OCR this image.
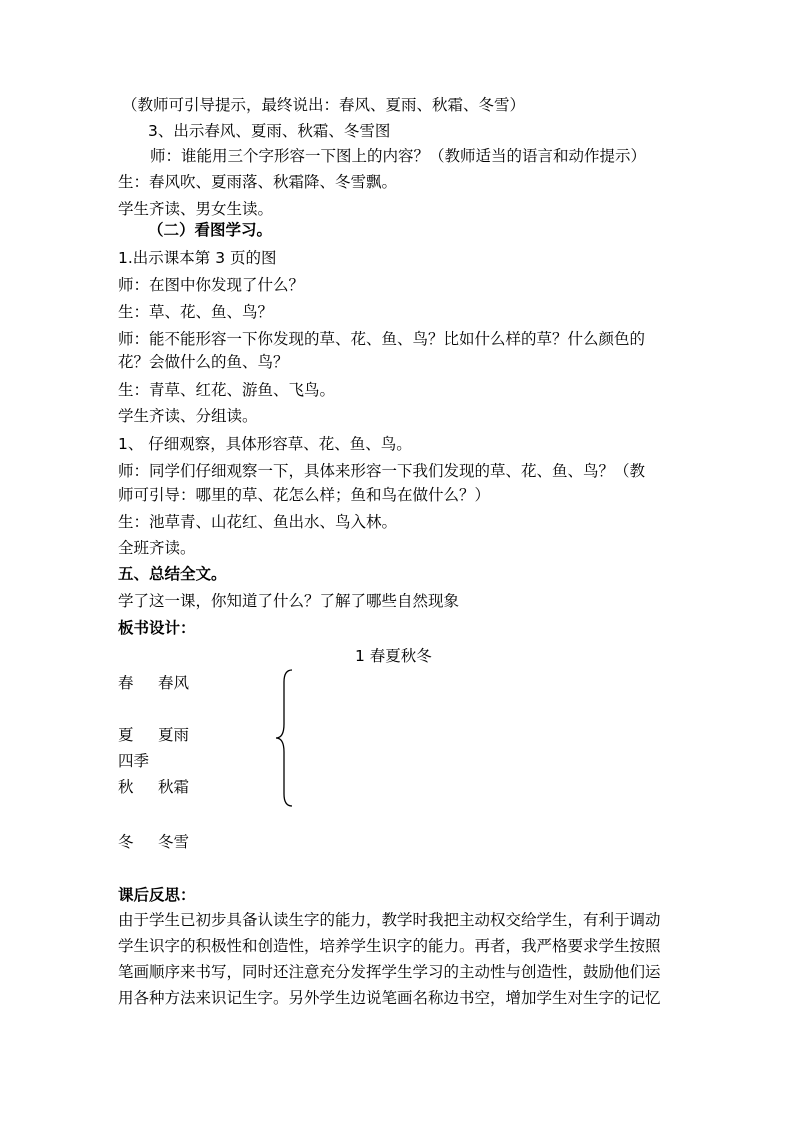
（教师可引导提示，最终说出：春风、夏雨、秋霜、冬雪）

3、出示春风、夏雨、秋霜、冬雪图

师：谁能用三个字形容一下图上的内容？（教师适当的语言和动作提示）

生：春风吹、夏雨落、秋霜降、冬雪飘。

学生齐读、男女生读。

（二）看图学习。

1.出示课本第 3 页的图

师：在图中你发现了什么？

生：草、花、鱼、鸟？

师：能不能形容一下你发现的草、花、鱼、鸟？比如什么样的草？什么颜色的

花？会做什么的鱼、鸟？

生：青草、红花、游鱼、飞鸟。

学生齐读、分组读。

1、 仔细观察，具体形容草、花、鱼、鸟。

师：同学们仔细观察一下，具体来形容一下我们发现的草、花、鱼、鸟？（教

师可引导：哪里的草、花怎么样；鱼和鸟在做什么？）

生：池草青、山花红、鱼出水、鸟入林。

全班齐读。

五、总结全文。

学了这一课，你知道了什么？了解了哪些自然现象

板书设计：

1 春夏秋冬

春 春风

夏 夏雨

四季

秋 秋霜

冬 冬雪

课后反思：

由于学生已初步具备认读生字的能力，教学时我把主动权交给学生，有利于调动

学生识字的积极性和创造性，培养学生识字的能力。再者，我严格要求学生按照

笔画顺序来书写，同时还注意充分发挥学生学习的主动性与创造性，鼓励他们运

用各种方法来识记生字。另外学生边说笔画名称边书空，增加学生对生字的记忆
